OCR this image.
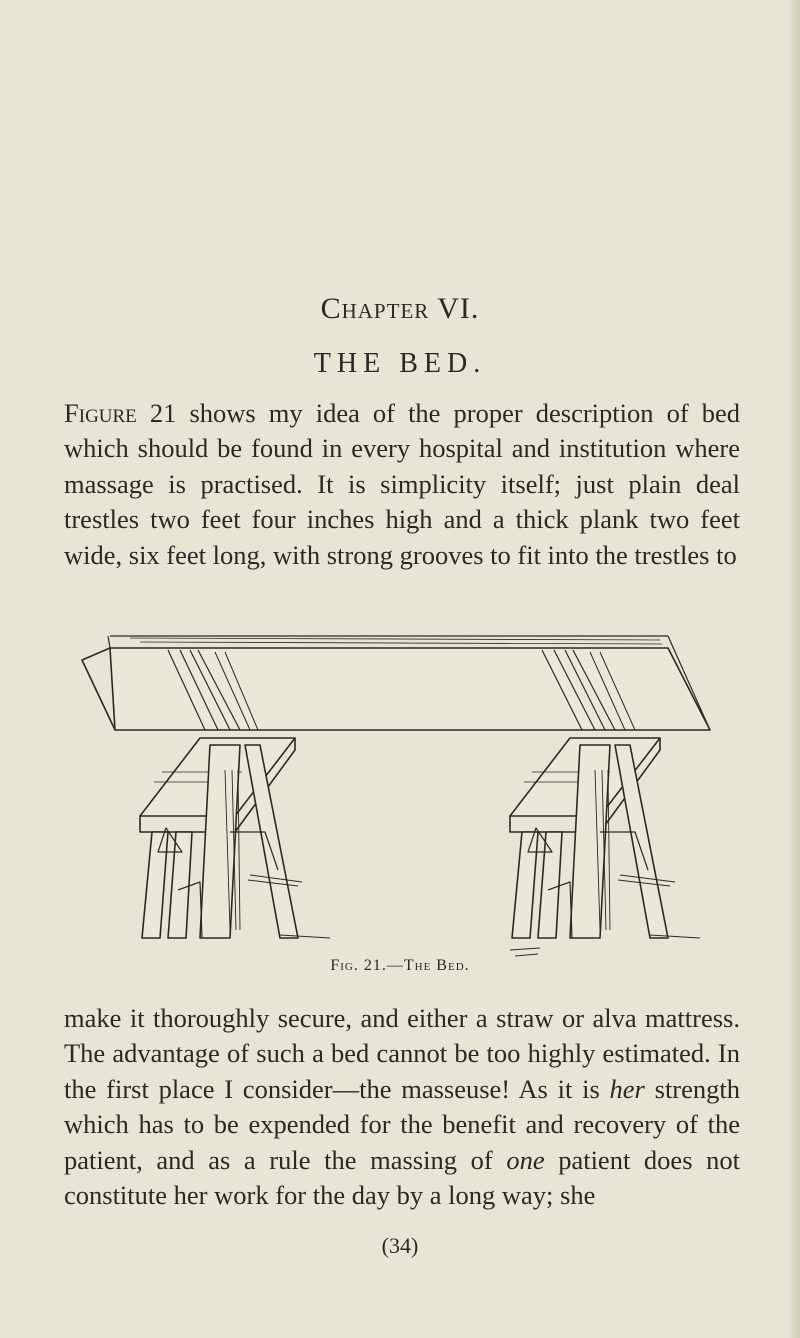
Chapter VI.
THE BED.

Figure 21 shows my idea of the proper description of bed which should be found in every hospital and institution where massage is practised. It is simplicity itself; just plain deal trestles two feet four inches high and a thick plank two feet wide, six feet long, with strong grooves to fit into the trestles to

Fig. 21.—The Bed.

make it thoroughly secure, and either a straw or alva mattress. The advantage of such a bed cannot be too highly estimated. In the first place I consider—the masseuse! As it is her strength which has to be expended for the benefit and recovery of the patient, and as a rule the massing of one patient does not constitute her work for the day by a long way; she

(34)
